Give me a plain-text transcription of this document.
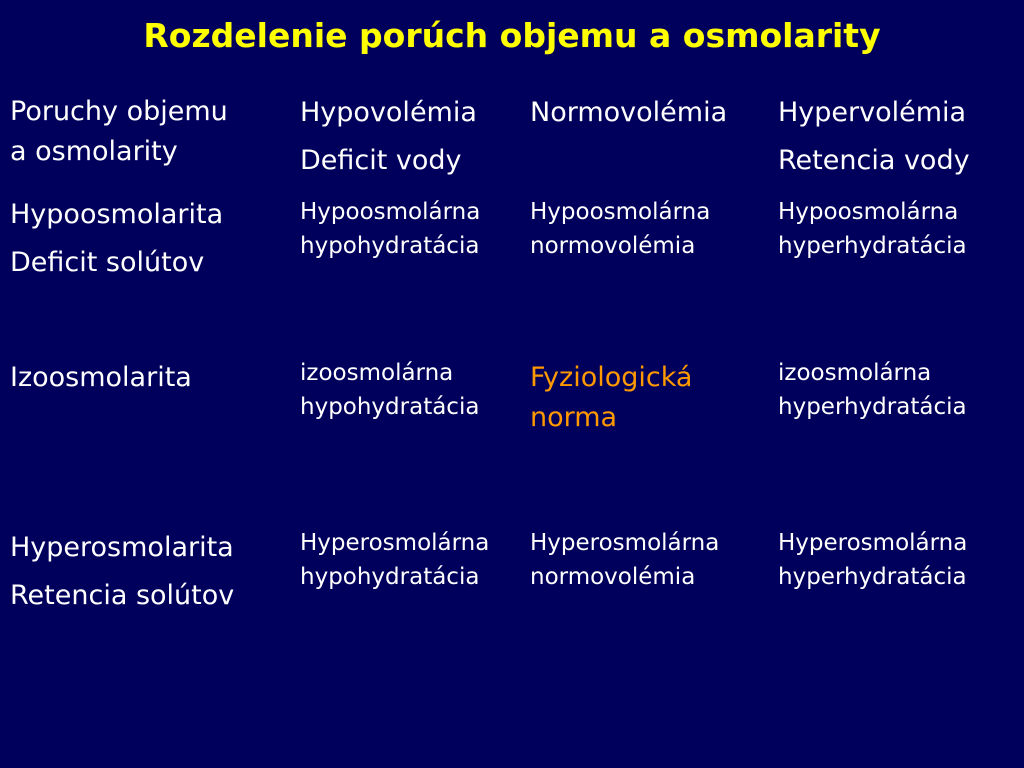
Rozdelenie porúch objemu a osmolarity
Poruchy objemu
a osmolarity
Hypovolémia
Deficit vody
Normovolémia Hypervolémia
Retencia vody
Hypoosmolarita
Deficit solútov
Hypoosmolárna
hypohydratácia
Hypoosmolárna
normovolémia
Hypoosmolárna
hyperhydratácia
Izoosmolarita	izoosmolárna
hypohydratácia
Fyziologická
norma
izoosmolárna
hyperhydratácia
Hyperosmolarita
Retencia solútov
Hyperosmolárna
hypohydratácia
Hyperosmolárna
normovolémia
Hyperosmolárna
hyperhydratácia
